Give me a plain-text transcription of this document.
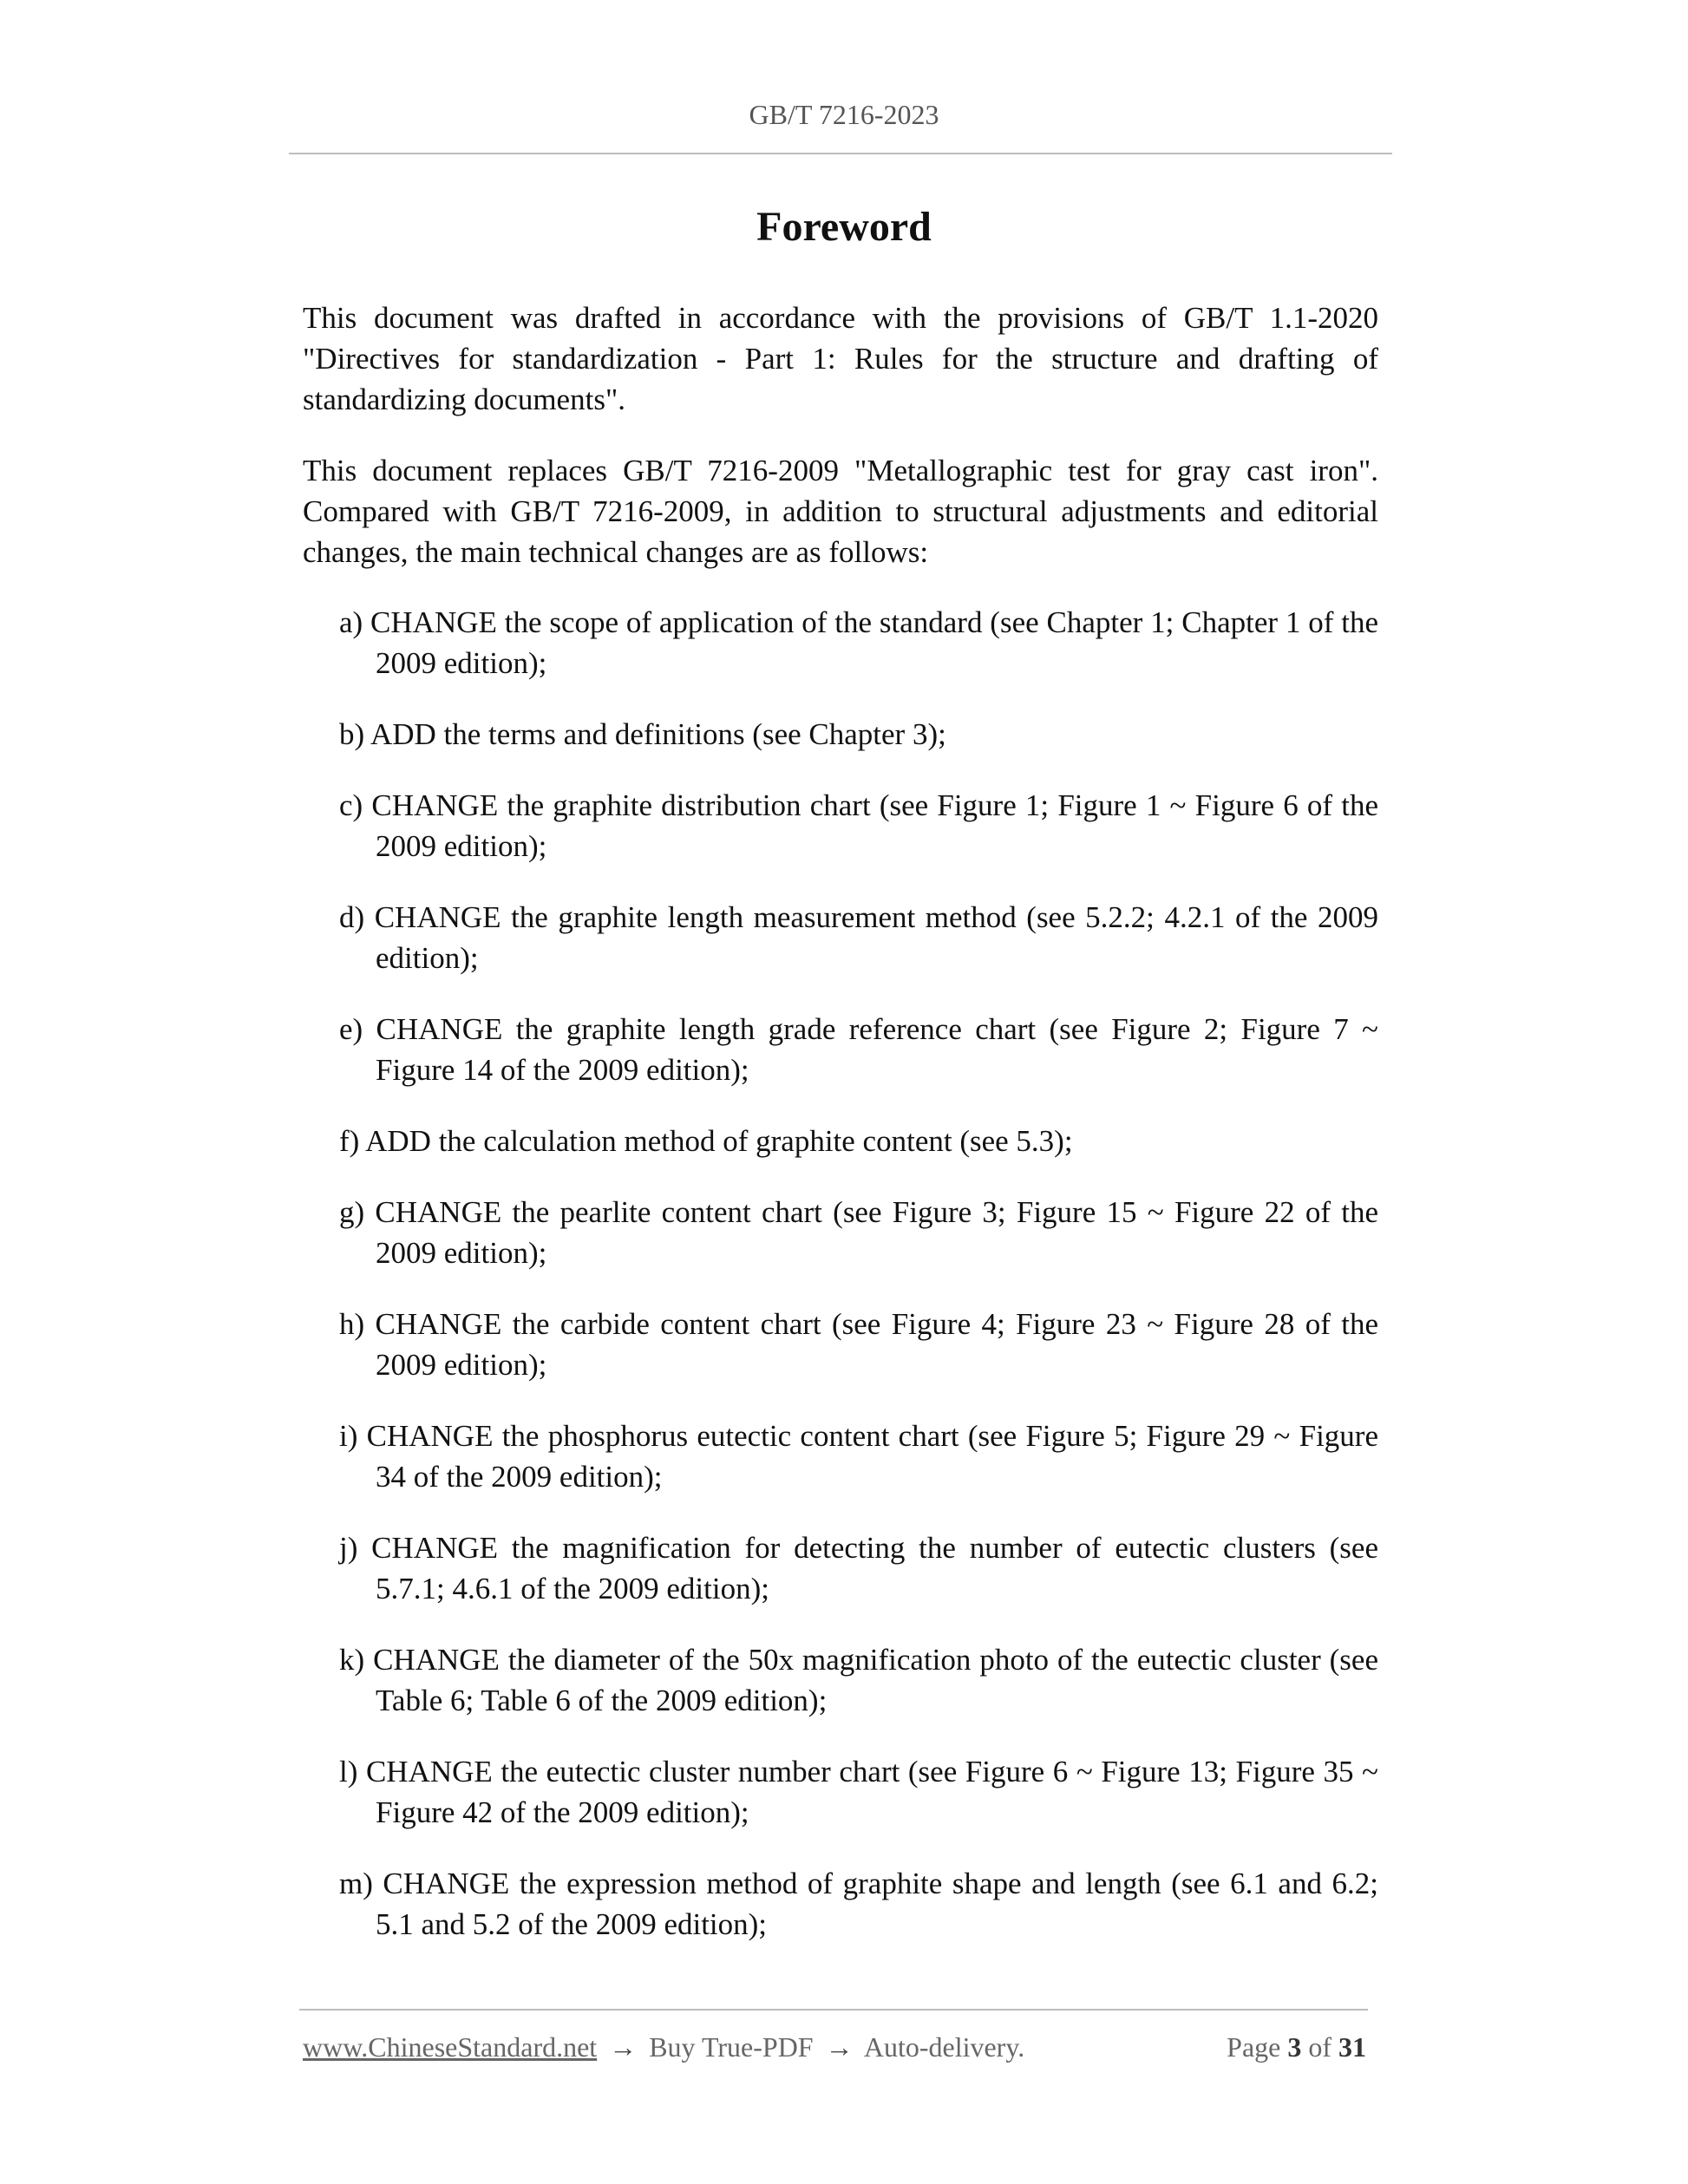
GB/T 7216-2023
Foreword

This document was drafted in accordance with the provisions of GB/T 1.1-2020 "Directives for standardization - Part 1: Rules for the structure and drafting of standardizing documents".

This document replaces GB/T 7216-2009 "Metallographic test for gray cast iron". Compared with GB/T 7216-2009, in addition to structural adjustments and editorial changes, the main technical changes are as follows:

a) CHANGE the scope of application of the standard (see Chapter 1; Chapter 1 of the 2009 edition);
b) ADD the terms and definitions (see Chapter 3);
c) CHANGE the graphite distribution chart (see Figure 1; Figure 1 ~ Figure 6 of the 2009 edition);
d) CHANGE the graphite length measurement method (see 5.2.2; 4.2.1 of the 2009 edition);
e) CHANGE the graphite length grade reference chart (see Figure 2; Figure 7 ~ Figure 14 of the 2009 edition);
f) ADD the calculation method of graphite content (see 5.3);
g) CHANGE the pearlite content chart (see Figure 3; Figure 15 ~ Figure 22 of the 2009 edition);
h) CHANGE the carbide content chart (see Figure 4; Figure 23 ~ Figure 28 of the 2009 edition);
i) CHANGE the phosphorus eutectic content chart (see Figure 5; Figure 29 ~ Figure 34 of the 2009 edition);
j) CHANGE the magnification for detecting the number of eutectic clusters (see 5.7.1; 4.6.1 of the 2009 edition);
k) CHANGE the diameter of the 50x magnification photo of the eutectic cluster (see Table 6; Table 6 of the 2009 edition);
l) CHANGE the eutectic cluster number chart (see Figure 6 ~ Figure 13; Figure 35 ~ Figure 42 of the 2009 edition);
m) CHANGE the expression method of graphite shape and length (see 6.1 and 6.2; 5.1 and 5.2 of the 2009 edition);
www.ChineseStandard.net → Buy True-PDF → Auto-delivery.	Page 3 of 31
